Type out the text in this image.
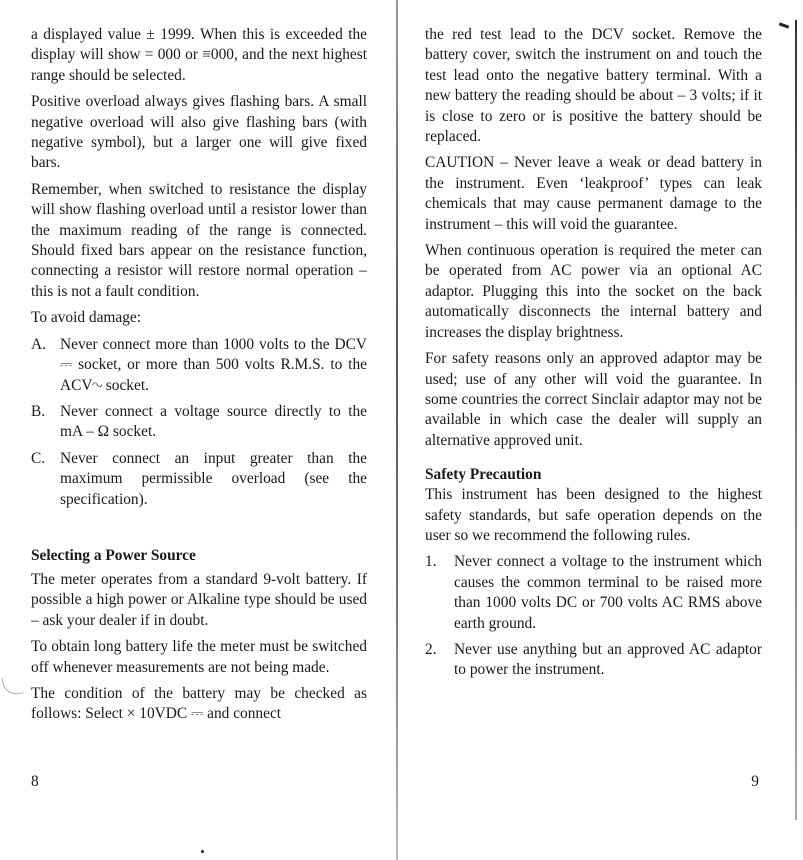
a displayed value ± 1999. When this is exceeded the display will show = 000 or ≡000, and the next highest range should be selected.

Positive overload always gives flashing bars. A small negative overload will also give flashing bars (with negative symbol), but a larger one will give fixed bars.

Remember, when switched to resistance the display will show flashing overload until a resistor lower than the maximum reading of the range is connected. Should fixed bars appear on the resistance function, connecting a resistor will restore normal operation – this is not a fault condition.

To avoid damage:

A. Never connect more than 1000 volts to the DCV ⎓ socket, or more than 500 volts R.M.S. to the ACV∿ socket.
B. Never connect a voltage source directly to the mA – Ω socket.
C. Never connect an input greater than the maximum permissible overload (see the specification).
Selecting a Power Source

The meter operates from a standard 9-volt battery. If possible a high power or Alkaline type should be used – ask your dealer if in doubt.

To obtain long battery life the meter must be switched off whenever measurements are not being made.

The condition of the battery may be checked as follows: Select × 10VDC ⎓ and connect

8

the red test lead to the DCV socket. Remove the battery cover, switch the instrument on and touch the test lead onto the negative battery terminal. With a new battery the reading should be about – 3 volts; if it is close to zero or is positive the battery should be replaced.

CAUTION – Never leave a weak or dead battery in the instrument. Even ‘leakproof’ types can leak chemicals that may cause permanent damage to the instrument – this will void the guarantee.

When continuous operation is required the meter can be operated from AC power via an optional AC adaptor. Plugging this into the socket on the back automatically disconnects the internal battery and increases the display brightness.

For safety reasons only an approved adaptor may be used; use of any other will void the guarantee. In some countries the correct Sinclair adaptor may not be available in which case the dealer will supply an alternative approved unit.

Safety Precaution

This instrument has been designed to the highest safety standards, but safe operation depends on the user so we recommend the following rules.

1.	Never connect a voltage to the instrument which causes the common terminal to be raised more than 1000 volts DC or 700 volts AC RMS above earth ground.
2.	Never use anything but an approved AC adaptor to power the instrument.
9
